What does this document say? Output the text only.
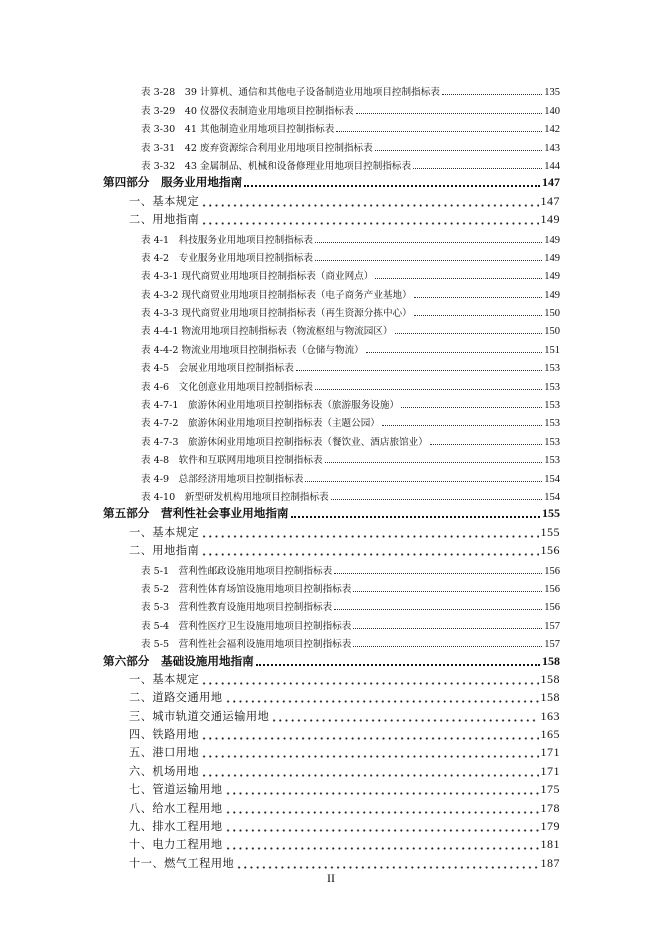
表 3-28　39 计算机、通信和其他电子设备制造业用地项目控制指标表	135
表 3-29　40 仪器仪表制造业用地项目控制指标表	140
表 3-30　41 其他制造业用地项目控制指标表	142
表 3-31　42 废弃资源综合利用业用地项目控制指标表	143
表 3-32　43 金属制品、机械和设备修理业用地项目控制指标表	144
第四部分　服务业用地指南	147
一、基本规定	147
二、用地指南	149
表 4-1　科技服务业用地项目控制指标表	149
表 4-2　专业服务业用地项目控制指标表	149
表 4-3-1 现代商贸业用地项目控制指标表（商业网点）	149
表 4-3-2 现代商贸业用地项目控制指标表（电子商务产业基地）	149
表 4-3-3 现代商贸业用地项目控制指标表（再生资源分拣中心）	150
表 4-4-1 物流用地项目控制指标表（物流枢纽与物流园区）	150
表 4-4-2 物流业用地项目控制指标表（仓储与物流）	151
表 4-5　会展业用地项目控制指标表	153
表 4-6　文化创意业用地项目控制指标表	153
表 4-7-1　旅游休闲业用地项目控制指标表（旅游服务设施）	153
表 4-7-2　旅游休闲业用地项目控制指标表（主题公园）	153
表 4-7-3　旅游休闲业用地项目控制指标表（餐饮业、酒店旅馆业）	153
表 4-8　软件和互联网用地项目控制指标表	153
表 4-9　总部经济用地项目控制指标表	154
表 4-10　新型研发机构用地项目控制指标表	154
第五部分　营利性社会事业用地指南	155
一、基本规定	155
二、用地指南	156
表 5-1　营利性邮政设施用地项目控制指标表	156
表 5-2　营利性体育场馆设施用地项目控制指标表	156
表 5-3　营利性教育设施用地项目控制指标表	156
表 5-4　营利性医疗卫生设施用地项目控制指标表	157
表 5-5　营利性社会福利设施用地项目控制指标表	157
第六部分　基础设施用地指南	158
一、基本规定	158
二、道路交通用地	158
三、城市轨道交通运输用地	163
四、铁路用地	165
五、港口用地	171
六、机场用地	171
七、管道运输用地	175
八、给水工程用地	178
九、排水工程用地	179
十、电力工程用地	181
十一、燃气工程用地	187
II
